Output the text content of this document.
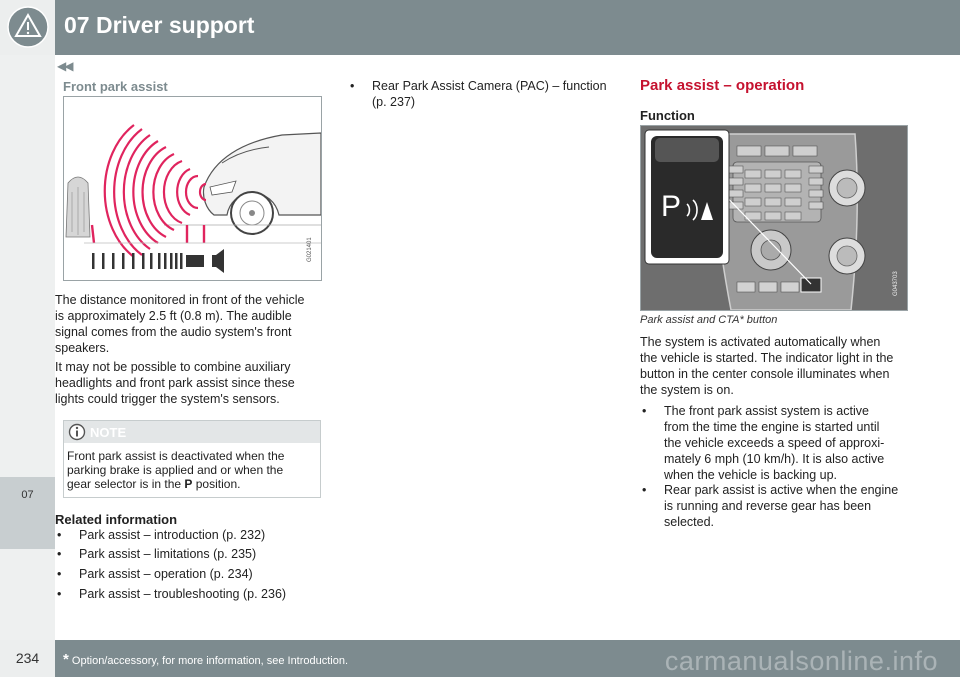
07 Driver support
07
◀◀
Front park assist
G021401
The distance monitored in front of the vehicle
is approximately 2.5 ft (0.8 m). The audible
signal comes from the audio system's front
speakers.
It may not be possible to combine auxiliary
headlights and front park assist since these
lights could trigger the system's sensors.
NOTE
Front park assist is deactivated when the
parking brake is applied and or when the
gear selector is in the P position.
Related information
• Park assist – introduction (p. 232)
• Park assist – limitations (p. 235)
• Park assist – operation (p. 234)
• Park assist – troubleshooting (p. 236)
• Rear Park Assist Camera (PAC) – function
(p. 237)
Park assist – operation
Function
P
G043703
Park assist and CTA* button
The system is activated automatically when
the vehicle is started. The indicator light in the
button in the center console illuminates when
the system is on.
• The front park assist system is active
from the time the engine is started until
the vehicle exceeds a speed of approxi-
mately 6 mph (10 km/h). It is also active
when the vehicle is backing up.
• Rear park assist is active when the engine
is running and reverse gear has been
selected.
234	* Option/accessory, for more information, see Introduction.	carmanualsonline.info
